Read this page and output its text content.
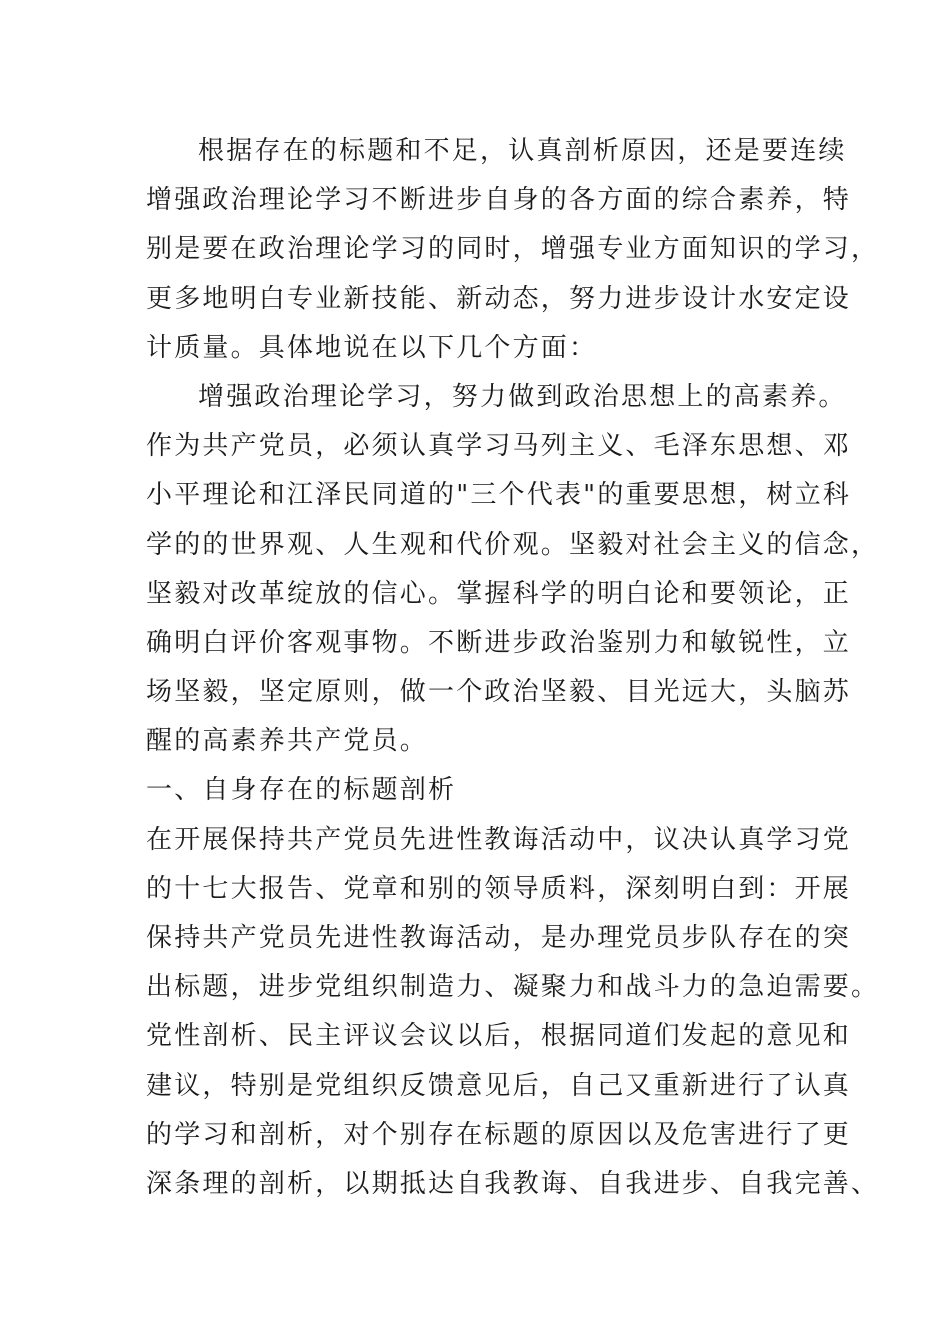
根据存在的标题和不足，认真剖析原因，还是要连续
增强政治理论学习不断进步自身的各方面的综合素养，特
别是要在政治理论学习的同时，增强专业方面知识的学习，
更多地明白专业新技能、新动态，努力进步设计水安定设
计质量。具体地说在以下几个方面：
增强政治理论学习，努力做到政治思想上的高素养。
作为共产党员，必须认真学习马列主义、毛泽东思想、邓
小平理论和江泽民同道的"三个代表"的重要思想，树立科
学的的世界观、人生观和代价观。坚毅对社会主义的信念，
坚毅对改革绽放的信心。掌握科学的明白论和要领论，正
确明白评价客观事物。不断进步政治鉴别力和敏锐性，立
场坚毅，坚定原则，做一个政治坚毅、目光远大，头脑苏
醒的高素养共产党员。
一、自身存在的标题剖析
在开展保持共产党员先进性教诲活动中，议决认真学习党
的十七大报告、党章和别的领导质料，深刻明白到：开展
保持共产党员先进性教诲活动，是办理党员步队存在的突
出标题，进步党组织制造力、凝聚力和战斗力的急迫需要。
党性剖析、民主评议会议以后，根据同道们发起的意见和
建议，特别是党组织反馈意见后，自己又重新进行了认真
的学习和剖析，对个别存在标题的原因以及危害进行了更
深条理的剖析，以期抵达自我教诲、自我进步、自我完善、
